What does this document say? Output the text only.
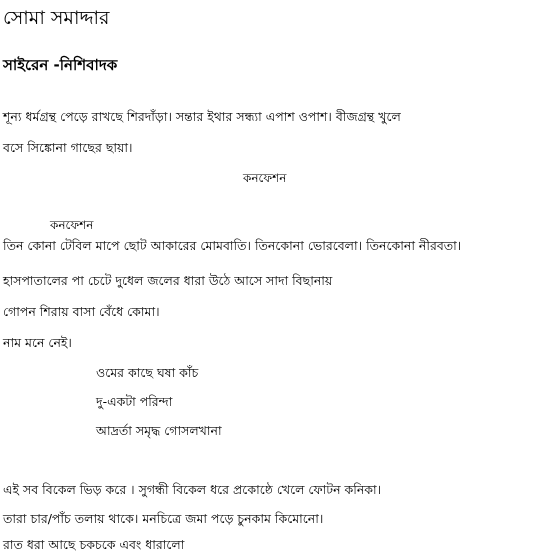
সোমা সমাদ্দার
সাইরেন -নিশিবাদক
শূন্য ধর্মগ্রন্থ পেড়ে রাখছে শিরদাঁড়া। সন্তার ইথার সন্ধ্যা এপাশ ওপাশ। বীজগ্রন্থ খুলে
বসে সিঙ্কোনা গাছের ছায়া।
কনফেশন
কনফেশন
তিন কোনা টেবিল মাপে ছোট আকারের মোমবাতি। তিনকোনা ভোরবেলা। তিনকোনা নীরবতা।
হাসপাতালের পা চেটে দুধেল জলের ধারা উঠে আসে সাদা বিছানায়
গোপন শিরায় বাসা বেঁধে কোমা।
নাম মনে নেই।
ওমের কাছে ঘষা কাঁচ
দু-একটা পরিন্দা
আদ্রর্তা সমৃদ্ধ গোসলখানা
এই সব বিকেল ভিড় করে । সুগন্ধী বিকেল ধরে প্রকোষ্ঠে খেলে ফোটন কনিকা।
তারা চার/পাঁচ তলায় থাকে। মনচিত্রে জমা পড়ে চুনকাম কিমোনো।
রাত ধরা আছে চকচকে এবং ধারালো
